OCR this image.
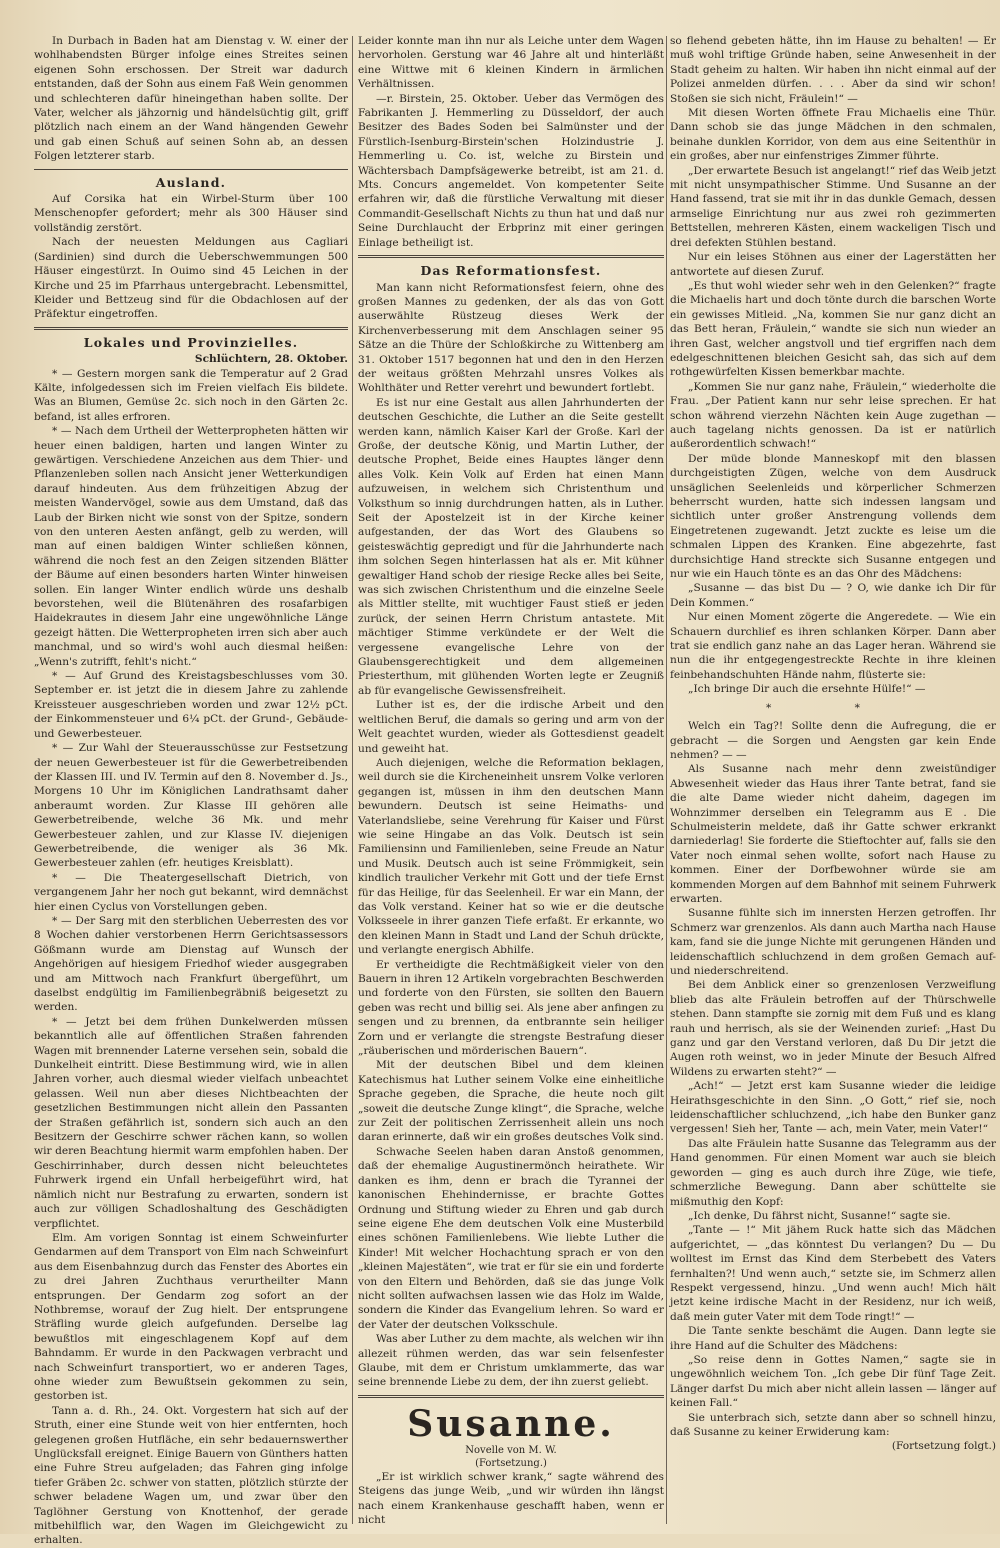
In Durbach in Baden hat am Dienstag v. W. einer der wohlhabendsten Bürger infolge eines Streites seinen eigenen Sohn erschossen. Der Streit war dadurch entstanden, daß der Sohn aus einem Faß Wein genommen und schlechteren dafür hineingethan haben sollte. Der Vater, welcher als jähzornig und händelsüchtig gilt, griff plötzlich nach einem an der Wand hängenden Gewehr und gab einen Schuß auf seinen Sohn ab, an dessen Folgen letzterer starb.

Ausland.

Auf Corsika hat ein Wirbel-Sturm über 100 Menschenopfer gefordert; mehr als 300 Häuser sind vollständig zerstört.

Nach der neuesten Meldungen aus Cagliari (Sardinien) sind durch die Ueberschwemmungen 500 Häuser eingestürzt. In Ouimo sind 45 Leichen in der Kirche und 25 im Pfarrhaus untergebracht. Lebensmittel, Kleider und Bettzeug sind für die Obdachlosen auf der Präfektur eingetroffen.

Lokales und Provinzielles.
Schlüchtern, 28. Oktober.

* — Gestern morgen sank die Temperatur auf 2 Grad Kälte, infolgedessen sich im Freien vielfach Eis bildete. Was an Blumen, Gemüse 2c. sich noch in den Gärten 2c. befand, ist alles erfroren.

* — Nach dem Urtheil der Wetterpropheten hätten wir heuer einen baldigen, harten und langen Winter zu gewärtigen. Verschiedene Anzeichen aus dem Thier- und Pflanzenleben sollen nach Ansicht jener Wetterkundigen darauf hindeuten. Aus dem frühzeitigen Abzug der meisten Wandervögel, sowie aus dem Umstand, daß das Laub der Birken nicht wie sonst von der Spitze, sondern von den unteren Aesten anfängt, gelb zu werden, will man auf einen baldigen Winter schließen können, während die noch fest an den Zeigen sitzenden Blätter der Bäume auf einen besonders harten Winter hinweisen sollen. Ein langer Winter endlich würde uns deshalb bevorstehen, weil die Blütenähren des rosafarbigen Haidekrautes in diesem Jahr eine ungewöhnliche Länge gezeigt hätten. Die Wetterpropheten irren sich aber auch manchmal, und so wird's wohl auch diesmal heißen: „Wenn's zutrifft, fehlt's nicht.“

* — Auf Grund des Kreistagsbeschlusses vom 30. September er. ist jetzt die in diesem Jahre zu zahlende Kreissteuer ausgeschrieben worden und zwar 12½ pCt. der Einkommensteuer und 6¼ pCt. der Grund-, Gebäude- und Gewerbesteuer.

* — Zur Wahl der Steuerausschüsse zur Festsetzung der neuen Gewerbesteuer ist für die Gewerbetreibenden der Klassen III. und IV. Termin auf den 8. November d. Js., Morgens 10 Uhr im Königlichen Landrathsamt daher anberaumt worden. Zur Klasse III gehören alle Gewerbetreibende, welche 36 Mk. und mehr Gewerbesteuer zahlen, und zur Klasse IV. diejenigen Gewerbetreibende, die weniger als 36 Mk. Gewerbesteuer zahlen (efr. heutiges Kreisblatt).

* — Die Theatergesellschaft Dietrich, von vergangenem Jahr her noch gut bekannt, wird demnächst hier einen Cyclus von Vorstellungen geben.

* — Der Sarg mit den sterblichen Ueberresten des vor 8 Wochen dahier verstorbenen Herrn Gerichtsassessors Gößmann wurde am Dienstag auf Wunsch der Angehörigen auf hiesigem Friedhof wieder ausgegraben und am Mittwoch nach Frankfurt übergeführt, um daselbst endgültig im Familienbegräbniß beigesetzt zu werden.

* — Jetzt bei dem frühen Dunkelwerden müssen bekanntlich alle auf öffentlichen Straßen fahrenden Wagen mit brennender Laterne versehen sein, sobald die Dunkelheit eintritt. Diese Bestimmung wird, wie in allen Jahren vorher, auch diesmal wieder vielfach unbeachtet gelassen. Weil nun aber dieses Nichtbeachten der gesetzlichen Bestimmungen nicht allein den Passanten der Straßen gefährlich ist, sondern sich auch an den Besitzern der Geschirre schwer rächen kann, so wollen wir deren Beachtung hiermit warm empfohlen haben. Der Geschirrinhaber, durch dessen nicht beleuchtetes Fuhrwerk irgend ein Unfall herbeigeführt wird, hat nämlich nicht nur Bestrafung zu erwarten, sondern ist auch zur völligen Schadloshaltung des Geschädigten verpflichtet.

Elm. Am vorigen Sonntag ist einem Schweinfurter Gendarmen auf dem Transport von Elm nach Schweinfurt aus dem Eisenbahnzug durch das Fenster des Abortes ein zu drei Jahren Zuchthaus verurtheilter Mann entsprungen. Der Gendarm zog sofort an der Nothbremse, worauf der Zug hielt. Der entsprungene Sträfling wurde gleich aufgefunden. Derselbe lag bewußtlos mit eingeschlagenem Kopf auf dem Bahndamm. Er wurde in den Packwagen verbracht und nach Schweinfurt transportiert, wo er anderen Tages, ohne wieder zum Bewußtsein gekommen zu sein, gestorben ist.

Tann a. d. Rh., 24. Okt. Vorgestern hat sich auf der Struth, einer eine Stunde weit von hier entfernten, hoch gelegenen großen Hutfläche, ein sehr bedauernswerther Unglücksfall ereignet. Einige Bauern von Günthers hatten eine Fuhre Streu aufgeladen; das Fahren ging infolge tiefer Gräben 2c. schwer von statten, plötzlich stürzte der schwer beladene Wagen um, und zwar über den Taglöhner Gerstung von Knottenhof, der gerade mitbehilflich war, den Wagen im Gleichgewicht zu erhalten.

Leider konnte man ihn nur als Leiche unter dem Wagen hervorholen. Gerstung war 46 Jahre alt und hinterläßt eine Wittwe mit 6 kleinen Kindern in ärmlichen Verhältnissen.

—r. Birstein, 25. Oktober. Ueber das Vermögen des Fabrikanten J. Hemmerling zu Düsseldorf, der auch Besitzer des Bades Soden bei Salmünster und der Fürstlich-Isenburg-Birstein'schen Holzindustrie J. Hemmerling u. Co. ist, welche zu Birstein und Wächtersbach Dampfsägewerke betreibt, ist am 21. d. Mts. Concurs angemeldet. Von kompetenter Seite erfahren wir, daß die fürstliche Verwaltung mit dieser Commandit-Gesellschaft Nichts zu thun hat und daß nur Seine Durchlaucht der Erbprinz mit einer geringen Einlage betheiligt ist.

Das Reformationsfest.

Man kann nicht Reformationsfest feiern, ohne des großen Mannes zu gedenken, der als das von Gott auserwählte Rüstzeug dieses Werk der Kirchenverbesserung mit dem Anschlagen seiner 95 Sätze an die Thüre der Schloßkirche zu Wittenberg am 31. Oktober 1517 begonnen hat und den in den Herzen der weitaus größten Mehrzahl unsres Volkes als Wohlthäter und Retter verehrt und bewundert fortlebt.

Es ist nur eine Gestalt aus allen Jahrhunderten der deutschen Geschichte, die Luther an die Seite gestellt werden kann, nämlich Kaiser Karl der Große. Karl der Große, der deutsche König, und Martin Luther, der deutsche Prophet, Beide eines Hauptes länger denn alles Volk. Kein Volk auf Erden hat einen Mann aufzuweisen, in welchem sich Christenthum und Volksthum so innig durchdrungen hatten, als in Luther. Seit der Apostelzeit ist in der Kirche keiner aufgestanden, der das Wort des Glaubens so geisteswächtig gepredigt und für die Jahrhunderte nach ihm solchen Segen hinterlassen hat als er. Mit kühner gewaltiger Hand schob der riesige Recke alles bei Seite, was sich zwischen Christenthum und die einzelne Seele als Mittler stellte, mit wuchtiger Faust stieß er jeden zurück, der seinen Herrn Christum antastete. Mit mächtiger Stimme verkündete er der Welt die vergessene evangelische Lehre von der Glaubensgerechtigkeit und dem allgemeinen Priesterthum, mit glühenden Worten legte er Zeugniß ab für evangelische Gewissensfreiheit.

Luther ist es, der die irdische Arbeit und den weltlichen Beruf, die damals so gering und arm von der Welt geachtet wurden, wieder als Gottesdienst geadelt und geweiht hat.

Auch diejenigen, welche die Reformation beklagen, weil durch sie die Kircheneinheit unsrem Volke verloren gegangen ist, müssen in ihm den deutschen Mann bewundern. Deutsch ist seine Heimaths- und Vaterlandsliebe, seine Verehrung für Kaiser und Fürst wie seine Hingabe an das Volk. Deutsch ist sein Familiensinn und Familienleben, seine Freude an Natur und Musik. Deutsch auch ist seine Frömmigkeit, sein kindlich traulicher Verkehr mit Gott und der tiefe Ernst für das Heilige, für das Seelenheil. Er war ein Mann, der das Volk verstand. Keiner hat so wie er die deutsche Volksseele in ihrer ganzen Tiefe erfaßt. Er erkannte, wo den kleinen Mann in Stadt und Land der Schuh drückte, und verlangte energisch Abhilfe.

Er vertheidigte die Rechtmäßigkeit vieler von den Bauern in ihren 12 Artikeln vorgebrachten Beschwerden und forderte von den Fürsten, sie sollten den Bauern geben was recht und billig sei. Als jene aber anfingen zu sengen und zu brennen, da entbrannte sein heiliger Zorn und er verlangte die strengste Bestrafung dieser „räuberischen und mörderischen Bauern“.

Mit der deutschen Bibel und dem kleinen Katechismus hat Luther seinem Volke eine einheitliche Sprache gegeben, die Sprache, die heute noch gilt „soweit die deutsche Zunge klingt“, die Sprache, welche zur Zeit der politischen Zerrissenheit allein uns noch daran erinnerte, daß wir ein großes deutsches Volk sind.

Schwache Seelen haben daran Anstoß genommen, daß der ehemalige Augustinermönch heirathete. Wir danken es ihm, denn er brach die Tyrannei der kanonischen Ehehindernisse, er brachte Gottes Ordnung und Stiftung wieder zu Ehren und gab durch seine eigene Ehe dem deutschen Volk eine Musterbild eines schönen Familienlebens. Wie liebte Luther die Kinder! Mit welcher Hochachtung sprach er von den „kleinen Majestäten“, wie trat er für sie ein und forderte von den Eltern und Behörden, daß sie das junge Volk nicht sollten aufwachsen lassen wie das Holz im Walde, sondern die Kinder das Evangelium lehren. So ward er der Vater der deutschen Volksschule.

Was aber Luther zu dem machte, als welchen wir ihn allezeit rühmen werden, das war sein felsenfester Glaube, mit dem er Christum umklammerte, das war seine brennende Liebe zu dem, der ihn zuerst geliebt.

Susanne.
Novelle von M. W.
(Fortsetzung.)

„Er ist wirklich schwer krank,“ sagte während des Steigens das junge Weib, „und wir würden ihn längst nach einem Krankenhause geschafft haben, wenn er nicht

so flehend gebeten hätte, ihn im Hause zu behalten! — Er muß wohl triftige Gründe haben, seine Anwesenheit in der Stadt geheim zu halten. Wir haben ihn nicht einmal auf der Polizei anmelden dürfen. . . . Aber da sind wir schon! Stoßen sie sich nicht, Fräulein!“ —

Mit diesen Worten öffnete Frau Michaelis eine Thür. Dann schob sie das junge Mädchen in den schmalen, beinahe dunklen Korridor, von dem aus eine Seitenthür in ein großes, aber nur einfenstriges Zimmer führte.

„Der erwartete Besuch ist angelangt!“ rief das Weib jetzt mit nicht unsympathischer Stimme. Und Susanne an der Hand fassend, trat sie mit ihr in das dunkle Gemach, dessen armselige Einrichtung nur aus zwei roh gezimmerten Bettstellen, mehreren Kästen, einem wackeligen Tisch und drei defekten Stühlen bestand.

Nur ein leises Stöhnen aus einer der Lagerstätten her antwortete auf diesen Zuruf.

„Es thut wohl wieder sehr weh in den Gelenken?“ fragte die Michaelis hart und doch tönte durch die barschen Worte ein gewisses Mitleid. „Na, kommen Sie nur ganz dicht an das Bett heran, Fräulein,“ wandte sie sich nun wieder an ihren Gast, welcher angstvoll und tief ergriffen nach dem edelgeschnittenen bleichen Gesicht sah, das sich auf dem rothgewürfelten Kissen bemerkbar machte.

„Kommen Sie nur ganz nahe, Fräulein,“ wiederholte die Frau. „Der Patient kann nur sehr leise sprechen. Er hat schon während vierzehn Nächten kein Auge zugethan — auch tagelang nichts genossen. Da ist er natürlich außerordentlich schwach!“

Der müde blonde Manneskopf mit den blassen durchgeistigten Zügen, welche von dem Ausdruck unsäglichen Seelenleids und körperlicher Schmerzen beherrscht wurden, hatte sich indessen langsam und sichtlich unter großer Anstrengung vollends dem Eingetretenen zugewandt. Jetzt zuckte es leise um die schmalen Lippen des Kranken. Eine abgezehrte, fast durchsichtige Hand streckte sich Susanne entgegen und nur wie ein Hauch tönte es an das Ohr des Mädchens:

„Susanne — das bist Du — ? O, wie danke ich Dir für Dein Kommen.“

Nur einen Moment zögerte die Angeredete. — Wie ein Schauern durchlief es ihren schlanken Körper. Dann aber trat sie endlich ganz nahe an das Lager heran. Während sie nun die ihr entgegengestreckte Rechte in ihre kleinen feinbehandschuhten Hände nahm, flüsterte sie:

„Ich bringe Dir auch die ersehnte Hülfe!“ —

* *

Welch ein Tag?! Sollte denn die Aufregung, die er gebracht — die Sorgen und Aengsten gar kein Ende nehmen? — —

Als Susanne nach mehr denn zweistündiger Abwesenheit wieder das Haus ihrer Tante betrat, fand sie die alte Dame wieder nicht daheim, dagegen im Wohnzimmer derselben ein Telegramm aus E . Die Schulmeisterin meldete, daß ihr Gatte schwer erkrankt darniederlag! Sie forderte die Stieftochter auf, falls sie den Vater noch einmal sehen wollte, sofort nach Hause zu kommen. Einer der Dorfbewohner würde sie am kommenden Morgen auf dem Bahnhof mit seinem Fuhrwerk erwarten.

Susanne fühlte sich im innersten Herzen getroffen. Ihr Schmerz war grenzenlos. Als dann auch Martha nach Hause kam, fand sie die junge Nichte mit gerungenen Händen und leidenschaftlich schluchzend in dem großen Gemach auf- und niederschreitend.

Bei dem Anblick einer so grenzenlosen Verzweiflung blieb das alte Fräulein betroffen auf der Thürschwelle stehen. Dann stampfte sie zornig mit dem Fuß und es klang rauh und herrisch, als sie der Weinenden zurief: „Hast Du ganz und gar den Verstand verloren, daß Du Dir jetzt die Augen roth weinst, wo in jeder Minute der Besuch Alfred Wildens zu erwarten steht?“ —

„Ach!“ — Jetzt erst kam Susanne wieder die leidige Heirathsgeschichte in den Sinn. „O Gott,“ rief sie, noch leidenschaftlicher schluchzend, „ich habe den Bunker ganz vergessen! Sieh her, Tante — ach, mein Vater, mein Vater!“

Das alte Fräulein hatte Susanne das Telegramm aus der Hand genommen. Für einen Moment war auch sie bleich geworden — ging es auch durch ihre Züge, wie tiefe, schmerzliche Bewegung. Dann aber schüttelte sie mißmuthig den Kopf:

„Ich denke, Du fährst nicht, Susanne!“ sagte sie.

„Tante — !“ Mit jähem Ruck hatte sich das Mädchen aufgerichtet, — „das könntest Du verlangen? Du — Du wolltest im Ernst das Kind dem Sterbebett des Vaters fernhalten?! Und wenn auch,“ setzte sie, im Schmerz allen Respekt vergessend, hinzu. „Und wenn auch! Mich hält jetzt keine irdische Macht in der Residenz, nur ich weiß, daß mein guter Vater mit dem Tode ringt!“ —

Die Tante senkte beschämt die Augen. Dann legte sie ihre Hand auf die Schulter des Mädchens:

„So reise denn in Gottes Namen,“ sagte sie in ungewöhnlich weichem Ton. „Ich gebe Dir fünf Tage Zeit. Länger darfst Du mich aber nicht allein lassen — länger auf keinen Fall.“

Sie unterbrach sich, setzte dann aber so schnell hinzu, daß Susanne zu keiner Erwiderung kam:

(Fortsetzung folgt.)
